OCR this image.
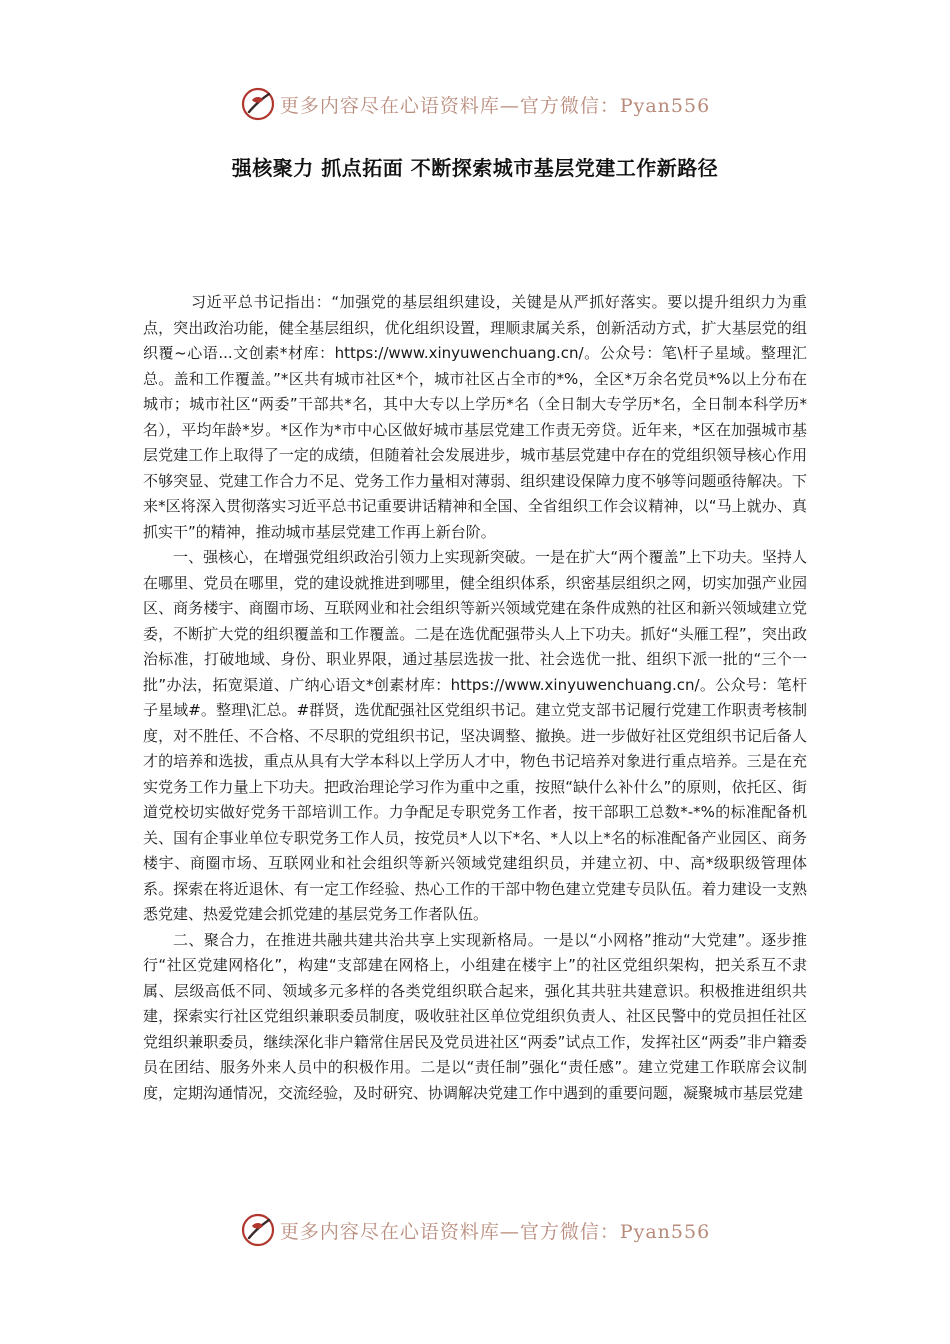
更多内容尽在心语资料库—官方微信：Pyan556
强核聚力 抓点拓面 不断探索城市基层党建工作新路径

习近平总书记指出：“加强党的基层组织建设，关键是从严抓好落实。要以提升组织力为重点，突出政治功能，健全基层组织，优化组织设置，理顺隶属关系，创新活动方式，扩大基层党的组织覆~心语...文创素*材库：https://www.xinyuwenchuang.cn/。公众号：笔\杆子星域。整理汇总。盖和工作覆盖。”*区共有城市社区*个，城市社区占全市的*%，全区*万余名党员*%以上分布在城市；城市社区“两委”干部共*名，其中大专以上学历*名（全日制大专学历*名，全日制本科学历*名），平均年龄*岁。*区作为*市中心区做好城市基层党建工作责无旁贷。近年来，*区在加强城市基层党建工作上取得了一定的成绩，但随着社会发展进步，城市基层党建中存在的党组织领导核心作用不够突显、党建工作合力不足、党务工作力量相对薄弱、组织建设保障力度不够等问题亟待解决。下来*区将深入贯彻落实习近平总书记重要讲话精神和全国、全省组织工作会议精神，以“马上就办、真抓实干”的精神，推动城市基层党建工作再上新台阶。

一、强核心，在增强党组织政治引领力上实现新突破。一是在扩大“两个覆盖”上下功夫。坚持人在哪里、党员在哪里，党的建设就推进到哪里，健全组织体系，织密基层组织之网，切实加强产业园区、商务楼宇、商圈市场、互联网业和社会组织等新兴领域党建在条件成熟的社区和新兴领域建立党委，不断扩大党的组织覆盖和工作覆盖。二是在选优配强带头人上下功夫。抓好“头雁工程”，突出政治标准，打破地域、身份、职业界限，通过基层选拔一批、社会选优一批、组织下派一批的“三个一批”办法，拓宽渠道、广纳心语文*创素材库：https://www.xinyuwenchuang.cn/。公众号：笔杆子星域#。整理\汇总。#群贤，选优配强社区党组织书记。建立党支部书记履行党建工作职责考核制度，对不胜任、不合格、不尽职的党组织书记，坚决调整、撤换。进一步做好社区党组织书记后备人才的培养和选拔，重点从具有大学本科以上学历人才中，物色书记培养对象进行重点培养。三是在充实党务工作力量上下功夫。把政治理论学习作为重中之重，按照“缺什么补什么”的原则，依托区、街道党校切实做好党务干部培训工作。力争配足专职党务工作者，按干部职工总数*-*%的标准配备机关、国有企事业单位专职党务工作人员，按党员*人以下*名、*人以上*名的标准配备产业园区、商务楼宇、商圈市场、互联网业和社会组织等新兴领域党建组织员，并建立初、中、高*级职级管理体系。探索在将近退休、有一定工作经验、热心工作的干部中物色建立党建专员队伍。着力建设一支熟悉党建、热爱党建会抓党建的基层党务工作者队伍。

二、聚合力，在推进共融共建共治共享上实现新格局。一是以“小网格”推动“大党建”。逐步推行“社区党建网格化”，构建“支部建在网格上，小组建在楼宇上”的社区党组织架构，把关系互不隶属、层级高低不同、领域多元多样的各类党组织联合起来，强化其共驻共建意识。积极推进组织共建，探索实行社区党组织兼职委员制度，吸收驻社区单位党组织负责人、社区民警中的党员担任社区党组织兼职委员，继续深化非户籍常住居民及党员进社区“两委”试点工作，发挥社区“两委”非户籍委员在团结、服务外来人员中的积极作用。二是以“责任制”强化“责任感”。建立党建工作联席会议制度，定期沟通情况，交流经验，及时研究、协调解决党建工作中遇到的重要问题，凝聚城市基层党建

更多内容尽在心语资料库—官方微信：Pyan556
